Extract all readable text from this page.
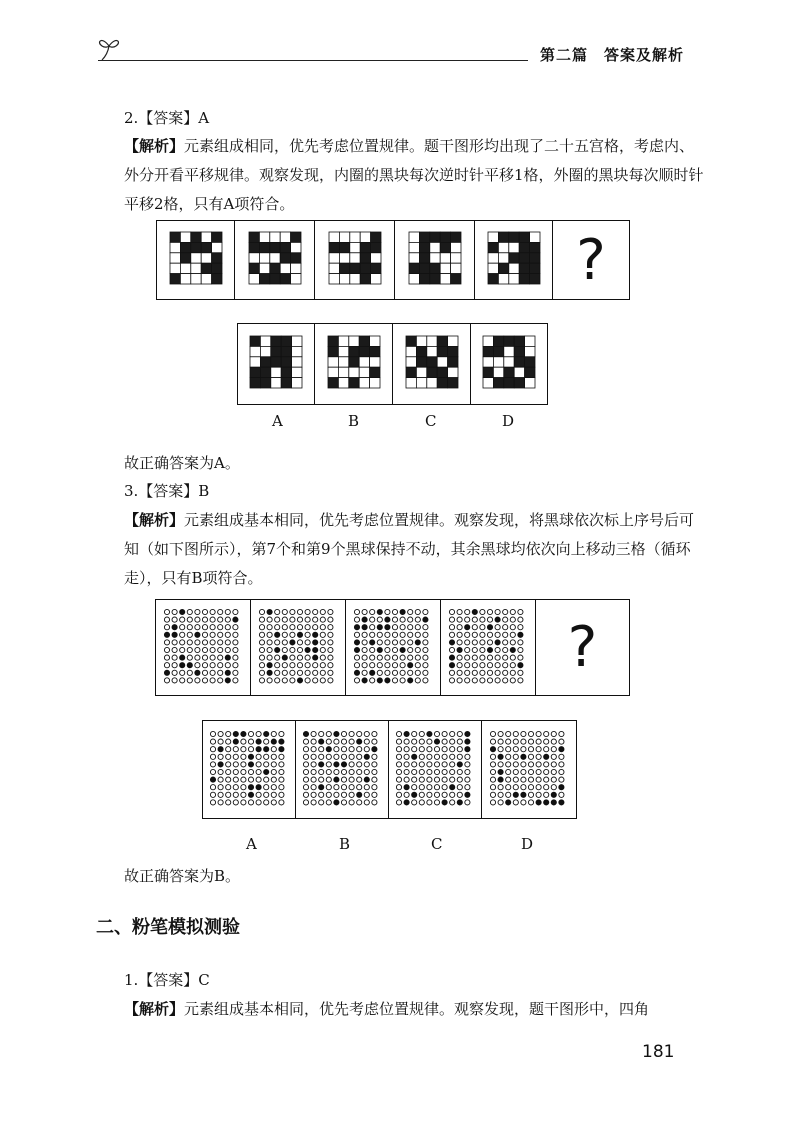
第二篇　答案及解析
2.【答案】A
【解析】元素组成相同，优先考虑位置规律。题干图形均出现了二十五宫格，考虑内、外分开看平移规律。观察发现，内圈的黑块每次逆时针平移1格，外圈的黑块每次顺时针平移2格，只有A项符合。
?
A	B	C	D
故正确答案为A。
3.【答案】B
【解析】元素组成基本相同，优先考虑位置规律。观察发现，将黑球依次标上序号后可知（如下图所示），第7个和第9个黑球保持不动，其余黑球均依次向上移动三格（循环走），只有B项符合。
?
A	B	C	D
故正确答案为B。
二、粉笔模拟测验
1.【答案】C
【解析】元素组成基本相同，优先考虑位置规律。观察发现，题干图形中，四角
181
